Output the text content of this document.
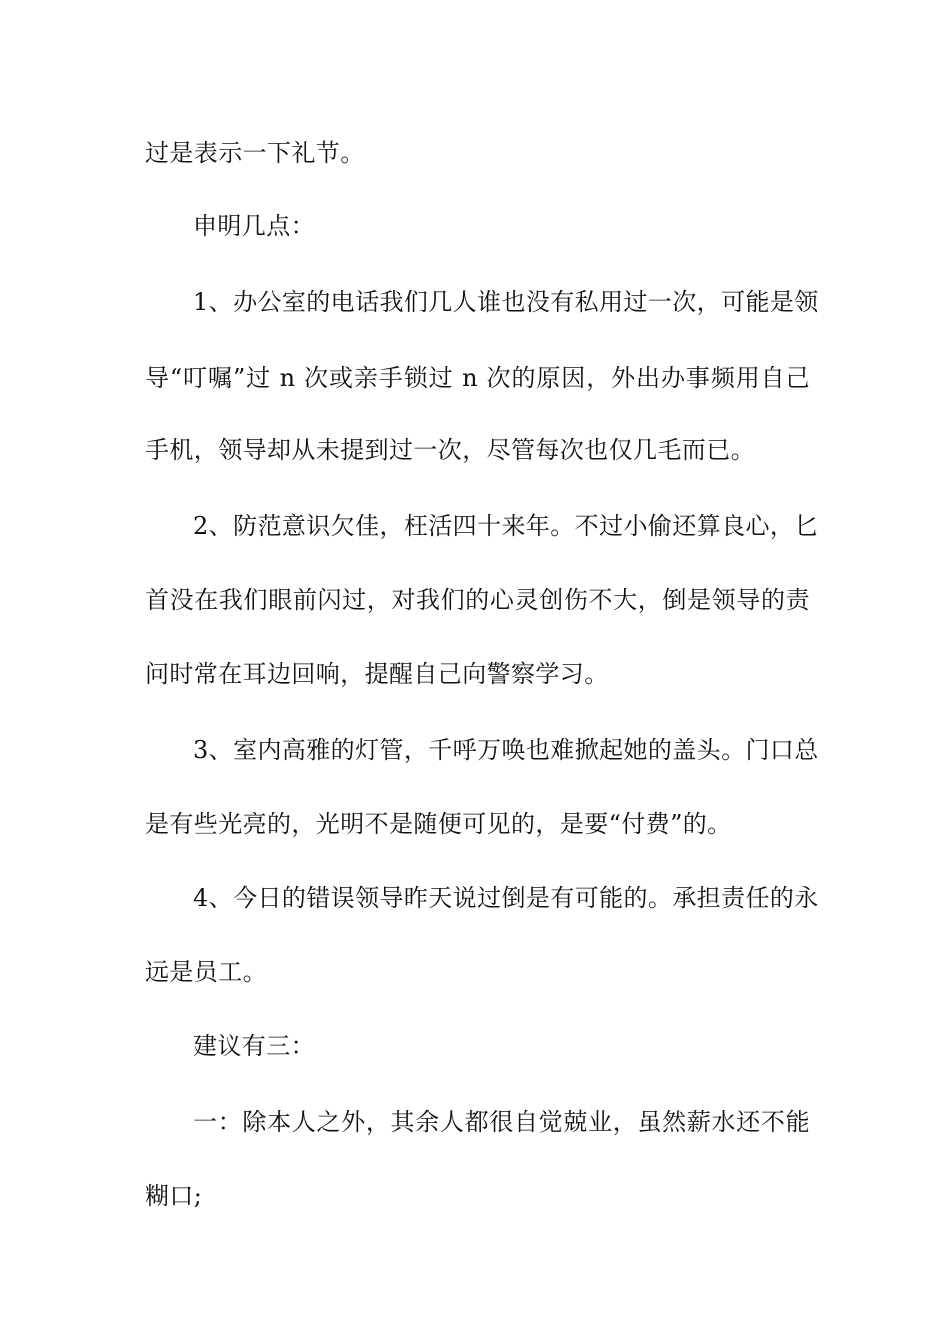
过是表示一下礼节。
申明几点：
1、办公室的电话我们几人谁也没有私用过一次，可能是领
导“叮嘱”过 n 次或亲手锁过 n 次的原因，外出办事频用自己
手机，领导却从未提到过一次，尽管每次也仅几毛而已。
2、防范意识欠佳，枉活四十来年。不过小偷还算良心，匕
首没在我们眼前闪过，对我们的心灵创伤不大，倒是领导的责
问时常在耳边回响，提醒自己向警察学习。
3、室内高雅的灯管，千呼万唤也难掀起她的盖头。门口总
是有些光亮的，光明不是随便可见的，是要“付费”的。
4、今日的错误领导昨天说过倒是有可能的。承担责任的永
远是员工。
建议有三：
一：除本人之外，其余人都很自觉兢业，虽然薪水还不能
糊口;
